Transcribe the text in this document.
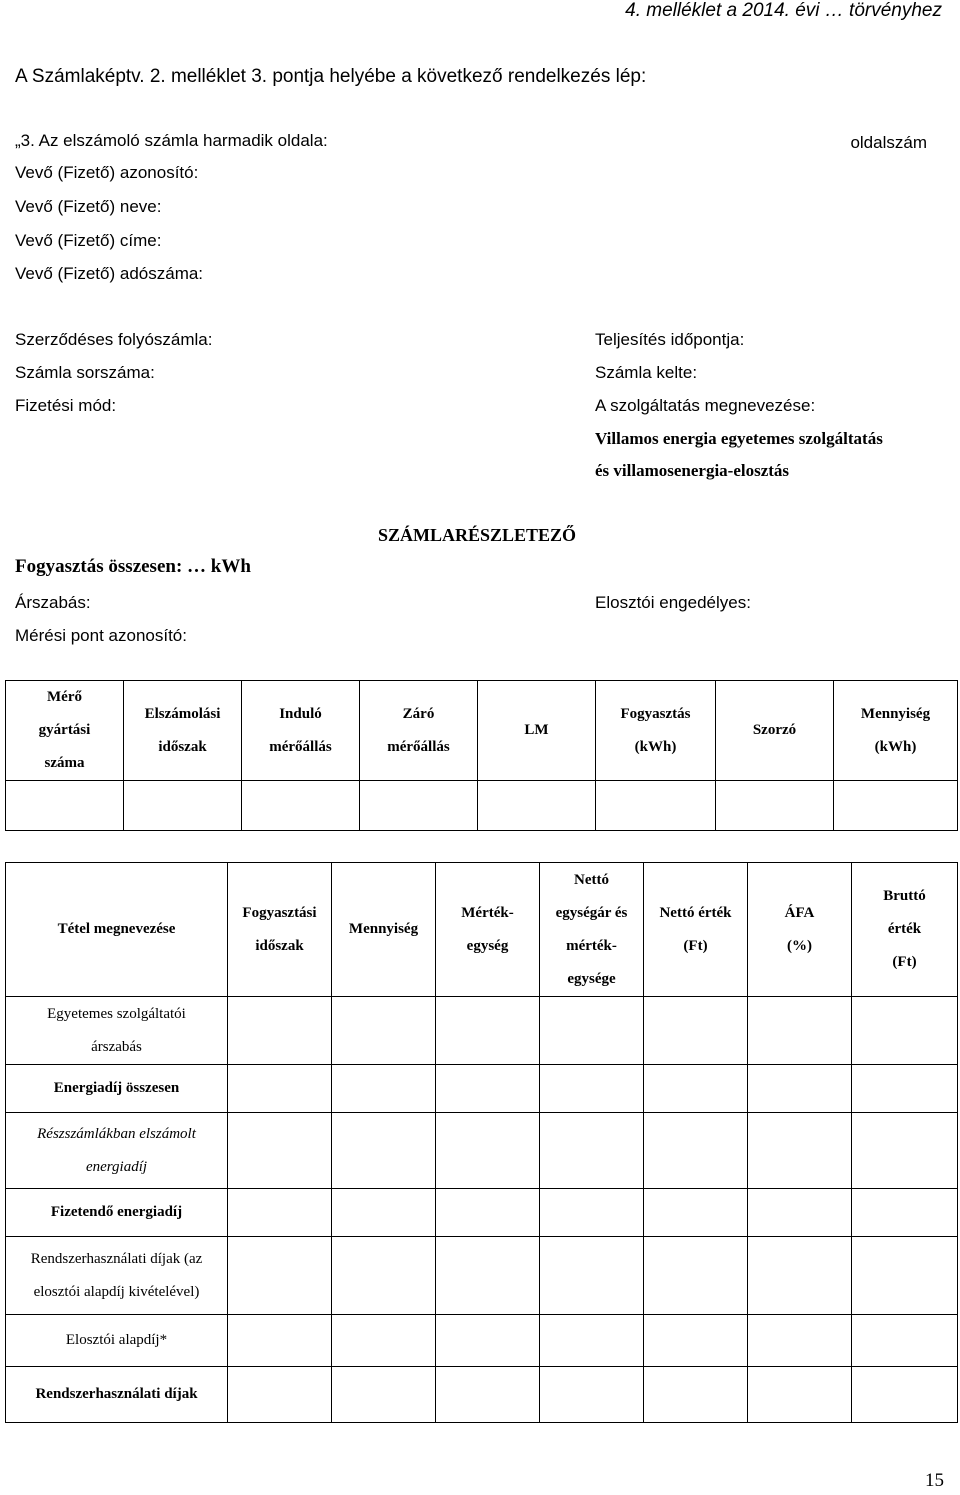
4. melléklet a 2014. évi … törvényhez
A Számlaképtv. 2. melléklet 3. pontja helyébe a következő rendelkezés lép:
„3. Az elszámoló számla harmadik oldala:	oldalszám
Vevő (Fizető) azonosító:
Vevő (Fizető) neve:
Vevő (Fizető) címe:
Vevő (Fizető) adószáma:
Szerződéses folyószámla:
Számla sorszáma:
Fizetési mód:
Teljesítés időpontja:
Számla kelte:
A szolgáltatás megnevezése:
Villamos energia egyetemes szolgáltatás
és villamosenergia-elosztás
SZÁMLARÉSZLETEZŐ
Fogyasztás összesen: … kWh
Árszabás:	Elosztói engedélyes:
Mérési pont azonosító:
Mérő
gyártási
száma	Elszámolási
időszak	Induló
mérőállás	Záró
mérőállás	LM	Fogyasztás
(kWh)	Szorzó	Mennyiség
(kWh)

Tétel megnevezése	Fogyasztási
időszak	Mennyiség	Mérték-
egység	Nettó
egységár és
mérték-
egysége	Nettó érték
(Ft)	ÁFA
(%)	Bruttó
érték
(Ft)
Egyetemes szolgáltatói
árszabás							
Energiadíj összesen							
Részszámlákban elszámolt
energiadíj							
Fizetendő energiadíj							
Rendszerhasználati díjak (az
elosztói alapdíj kivételével)							
Elosztói alapdíj*							
Rendszerhasználati díjak							
15
